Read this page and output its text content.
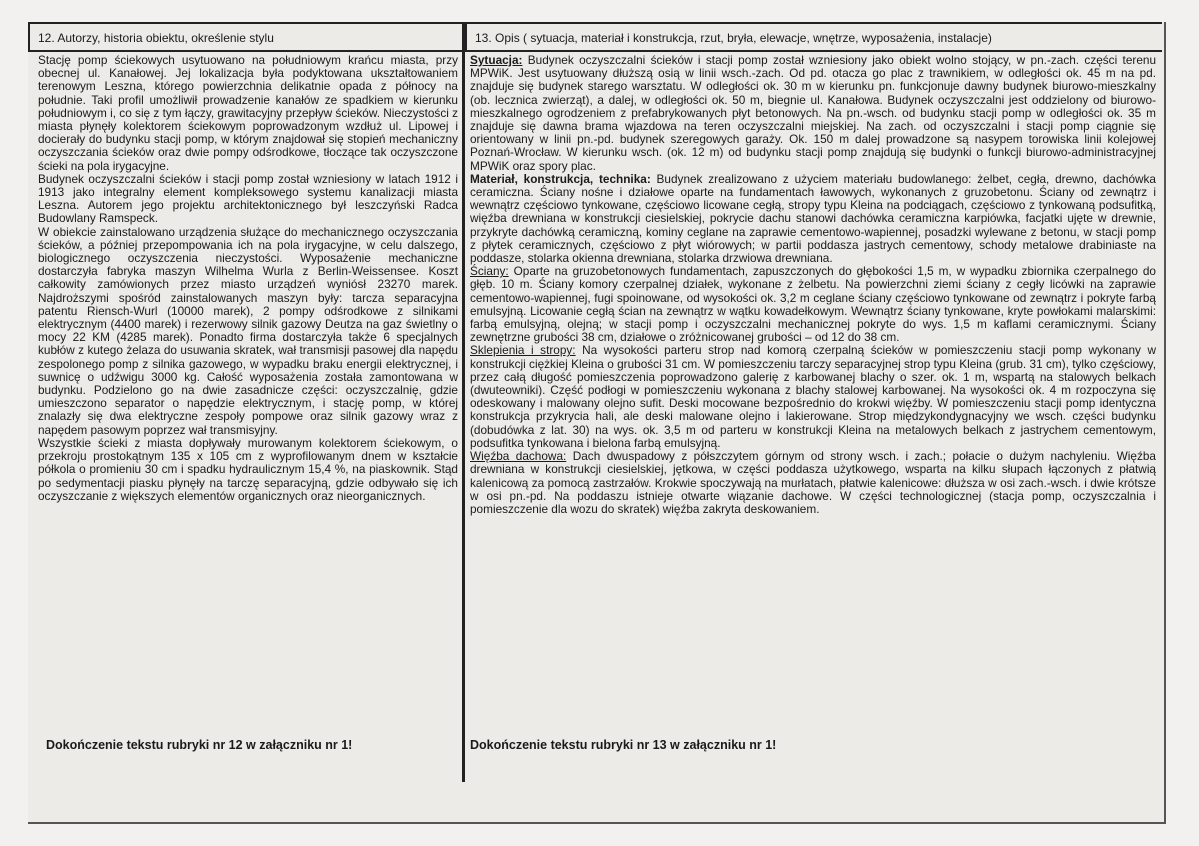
12. Autorzy, historia obiektu, określenie stylu	13. Opis ( sytuacja, materiał i konstrukcja, rzut, bryła, elewacje, wnętrze, wyposażenia, instalacje)

Stację pomp ściekowych usytuowano na południowym krańcu miasta, przy obecnej ul. Kanałowej. Jej lokalizacja była podyktowana ukształtowaniem terenowym Leszna, którego powierzchnia delikatnie opada z północy na południe. Taki profil umożliwił prowadzenie kanałów ze spadkiem w kierunku południowym i, co się z tym łączy, grawitacyjny przepływ ścieków. Nieczystości z miasta płynęły kolektorem ściekowym poprowadzonym wzdłuż ul. Lipowej i docierały do budynku stacji pomp, w którym znajdował się stopień mechaniczny oczyszczania ścieków oraz dwie pompy odśrodkowe, tłoczące tak oczyszczone ścieki na pola irygacyjne.

Budynek oczyszczalni ścieków i stacji pomp został wzniesiony w latach 1912 i 1913 jako integralny element kompleksowego systemu kanalizacji miasta Leszna. Autorem jego projektu architektonicznego był leszczyński Radca Budowlany Ramspeck.

W obiekcie zainstalowano urządzenia służące do mechanicznego oczyszczania ścieków, a później przepompowania ich na pola irygacyjne, w celu dalszego, biologicznego oczyszczenia nieczystości. Wyposażenie mechaniczne dostarczyła fabryka maszyn Wilhelma Wurla z Berlin-Weissensee. Koszt całkowity zamówionych przez miasto urządzeń wyniósł 23270 marek. Najdroższymi spośród zainstalowanych maszyn były: tarcza separacyjna patentu Riensch-Wurl (10000 marek), 2 pompy odśrodkowe z silnikami elektrycznym (4400 marek) i rezerwowy silnik gazowy Deutza na gaz świetlny o mocy 22 KM (4285 marek). Ponadto firma dostarczyła także 6 specjalnych kubłów z kutego żelaza do usuwania skratek, wał transmisji pasowej dla napędu zespolonego pomp z silnika gazowego, w wypadku braku energii elektrycznej, i suwnicę o udźwigu 3000 kg. Całość wyposażenia została zamontowana w budynku. Podzielono go na dwie zasadnicze części: oczyszczalnię, gdzie umieszczono separator o napędzie elektrycznym, i stację pomp, w której znalazły się dwa elektryczne zespoły pompowe oraz silnik gazowy wraz z napędem pasowym poprzez wał transmisyjny.

Wszystkie ścieki z miasta dopływały murowanym kolektorem ściekowym, o przekroju prostokątnym 135 x 105 cm z wyprofilowanym dnem w kształcie półkola o promieniu 30 cm i spadku hydraulicznym 15,4 %, na piaskownik. Stąd po sedymentacji piasku płynęły na tarczę separacyjną, gdzie odbywało się ich oczyszczanie z większych elementów organicznych oraz nieorganicznych.

Sytuacja: Budynek oczyszczalni ścieków i stacji pomp został wzniesiony jako obiekt wolno stojący, w pn.-zach. części terenu MPWiK. Jest usytuowany dłuższą osią w linii wsch.-zach. Od pd. otacza go plac z trawnikiem, w odległości ok. 45 m na pd. znajduje się budynek starego warsztatu. W odległości ok. 30 m w kierunku pn. funkcjonuje dawny budynek biurowo-mieszkalny (ob. lecznica zwierząt), a dalej, w odległości ok. 50 m, biegnie ul. Kanałowa. Budynek oczyszczalni jest oddzielony od biurowo-mieszkalnego ogrodzeniem z prefabrykowanych płyt betonowych. Na pn.-wsch. od budynku stacji pomp w odległości ok. 35 m znajduje się dawna brama wjazdowa na teren oczyszczalni miejskiej. Na zach. od oczyszczalni i stacji pomp ciągnie się orientowany w linii pn.-pd. budynek szeregowych garaży. Ok. 150 m dalej prowadzone są nasypem torowiska linii kolejowej Poznań-Wrocław. W kierunku wsch. (ok. 12 m) od budynku stacji pomp znajdują się budynki o funkcji biurowo-administracyjnej MPWiK oraz spory plac.

Materiał, konstrukcja, technika: Budynek zrealizowano z użyciem materiału budowlanego: żelbet, cegła, drewno, dachówka ceramiczna. Ściany nośne i działowe oparte na fundamentach ławowych, wykonanych z gruzobetonu. Ściany od zewnątrz i wewnątrz częściowo tynkowane, częściowo licowane cegłą, stropy typu Kleina na podciągach, częściowo z tynkowaną podsufitką, więźba drewniana w konstrukcji ciesielskiej, pokrycie dachu stanowi dachówka ceramiczna karpiówka, facjatki ujęte w drewnie, przykryte dachówką ceramiczną, kominy ceglane na zaprawie cementowo-wapiennej, posadzki wylewane z betonu, w stacji pomp z płytek ceramicznych, częściowo z płyt wiórowych; w partii poddasza jastrych cementowy, schody metalowe drabiniaste na poddasze, stolarka okienna drewniana, stolarka drzwiowa drewniana.

Ściany: Oparte na gruzobetonowych fundamentach, zapuszczonych do głębokości 1,5 m, w wypadku zbiornika czerpalnego do głęb. 10 m. Ściany komory czerpalnej działek, wykonane z żelbetu. Na powierzchni ziemi ściany z cegły licówki na zaprawie cementowo-wapiennej, fugi spoinowane, od wysokości ok. 3,2 m ceglane ściany częściowo tynkowane od zewnątrz i pokryte farbą emulsyjną. Licowanie cegłą ścian na zewnątrz w wątku kowadełkowym. Wewnątrz ściany tynkowane, kryte powłokami malarskimi: farbą emulsyjną, olejną; w stacji pomp i oczyszczalni mechanicznej pokryte do wys. 1,5 m kaflami ceramicznymi. Ściany zewnętrzne grubości 38 cm, działowe o zróżnicowanej grubości – od 12 do 38 cm.

Sklepienia i stropy: Na wysokości parteru strop nad komorą czerpalną ścieków w pomieszczeniu stacji pomp wykonany w konstrukcji ciężkiej Kleina o grubości 31 cm. W pomieszczeniu tarczy separacyjnej strop typu Kleina (grub. 31 cm), tylko częściowy, przez całą długość pomieszczenia poprowadzono galerię z karbowanej blachy o szer. ok. 1 m, wspartą na stalowych belkach (dwuteowniki). Część podłogi w pomieszczeniu wykonana z blachy stalowej karbowanej. Na wysokości ok. 4 m rozpoczyna się odeskowany i malowany olejno sufit. Deski mocowane bezpośrednio do krokwi więźby. W pomieszczeniu stacji pomp identyczna konstrukcja przykrycia hali, ale deski malowane olejno i lakierowane. Strop międzykondygnacyjny we wsch. części budynku (dobudówka z lat. 30) na wys. ok. 3,5 m od parteru w konstrukcji Kleina na metalowych belkach z jastrychem cementowym, podsufitka tynkowana i bielona farbą emulsyjną.

Więźba dachowa: Dach dwuspadowy z półszczytem górnym od strony wsch. i zach.; połacie o dużym nachyleniu. Więźba drewniana w konstrukcji ciesielskiej, jętkowa, w części poddasza użytkowego, wsparta na kilku słupach łączonych z płatwią kalenicową za pomocą zastrzałów. Krokwie spoczywają na murłatach, płatwie kalenicowe: dłuższa w osi zach.-wsch. i dwie krótsze w osi pn.-pd. Na poddaszu istnieje otwarte wiązanie dachowe. W części technologicznej (stacja pomp, oczyszczalnia i pomieszczenie dla wozu do skratek) więźba zakryta deskowaniem.

Dokończenie tekstu rubryki nr 12 w załączniku nr 1!	Dokończenie tekstu rubryki nr 13 w załączniku nr 1!
